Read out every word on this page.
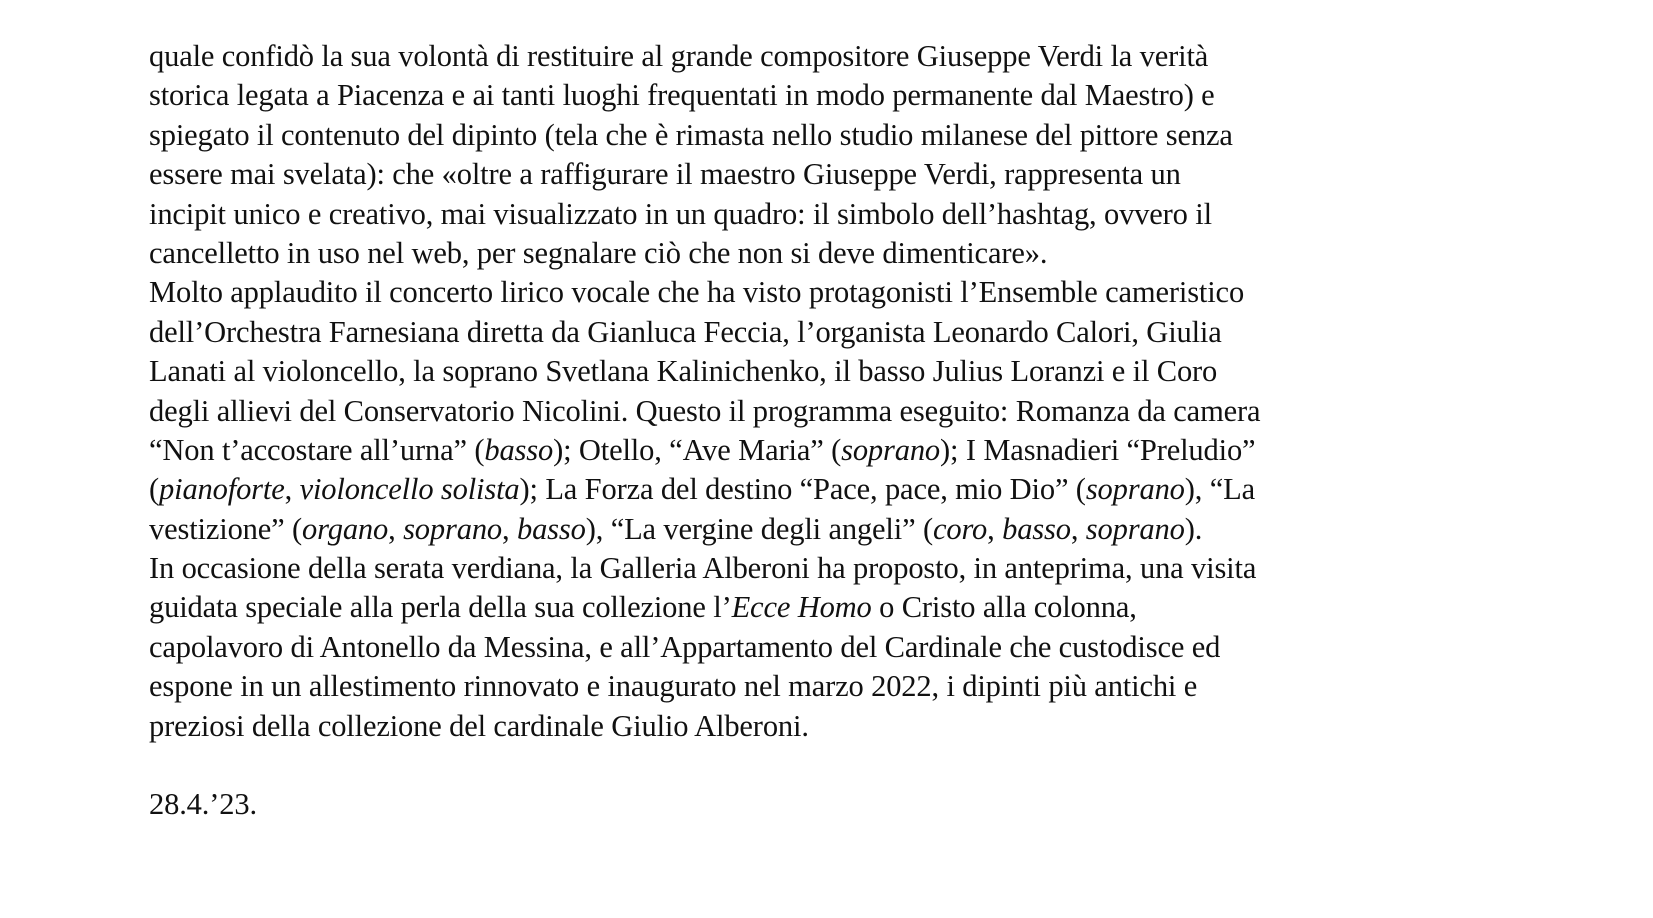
quale confidò la sua volontà di restituire al grande compositore Giuseppe Verdi la verità
storica legata a Piacenza e ai tanti luoghi frequentati in modo permanente dal Maestro) e
spiegato il contenuto del dipinto (tela che è rimasta nello studio milanese del pittore senza
essere mai svelata): che «oltre a raffigurare il maestro Giuseppe Verdi, rappresenta un
incipit unico e creativo, mai visualizzato in un quadro: il simbolo dell’hashtag, ovvero il
cancelletto in uso nel web, per segnalare ciò che non si deve dimenticare».
Molto applaudito il concerto lirico vocale che ha visto protagonisti l’Ensemble cameristico
dell’Orchestra Farnesiana diretta da Gianluca Feccia, l’organista Leonardo Calori, Giulia
Lanati al violoncello, la soprano Svetlana Kalinichenko, il basso Julius Loranzi e il Coro
degli allievi del Conservatorio Nicolini. Questo il programma eseguito: Romanza da camera
“Non t’accostare all’urna” (basso); Otello, “Ave Maria” (soprano); I Masnadieri “Preludio”
(pianoforte, violoncello solista); La Forza del destino “Pace, pace, mio Dio” (soprano), “La
vestizione” (organo, soprano, basso), “La vergine degli angeli” (coro, basso, soprano).
In occasione della serata verdiana, la Galleria Alberoni ha proposto, in anteprima, una visita
guidata speciale alla perla della sua collezione l’Ecce Homo o Cristo alla colonna,
capolavoro di Antonello da Messina, e all’Appartamento del Cardinale che custodisce ed
espone in un allestimento rinnovato e inaugurato nel marzo 2022, i dipinti più antichi e
preziosi della collezione del cardinale Giulio Alberoni.
28.4.’23.
